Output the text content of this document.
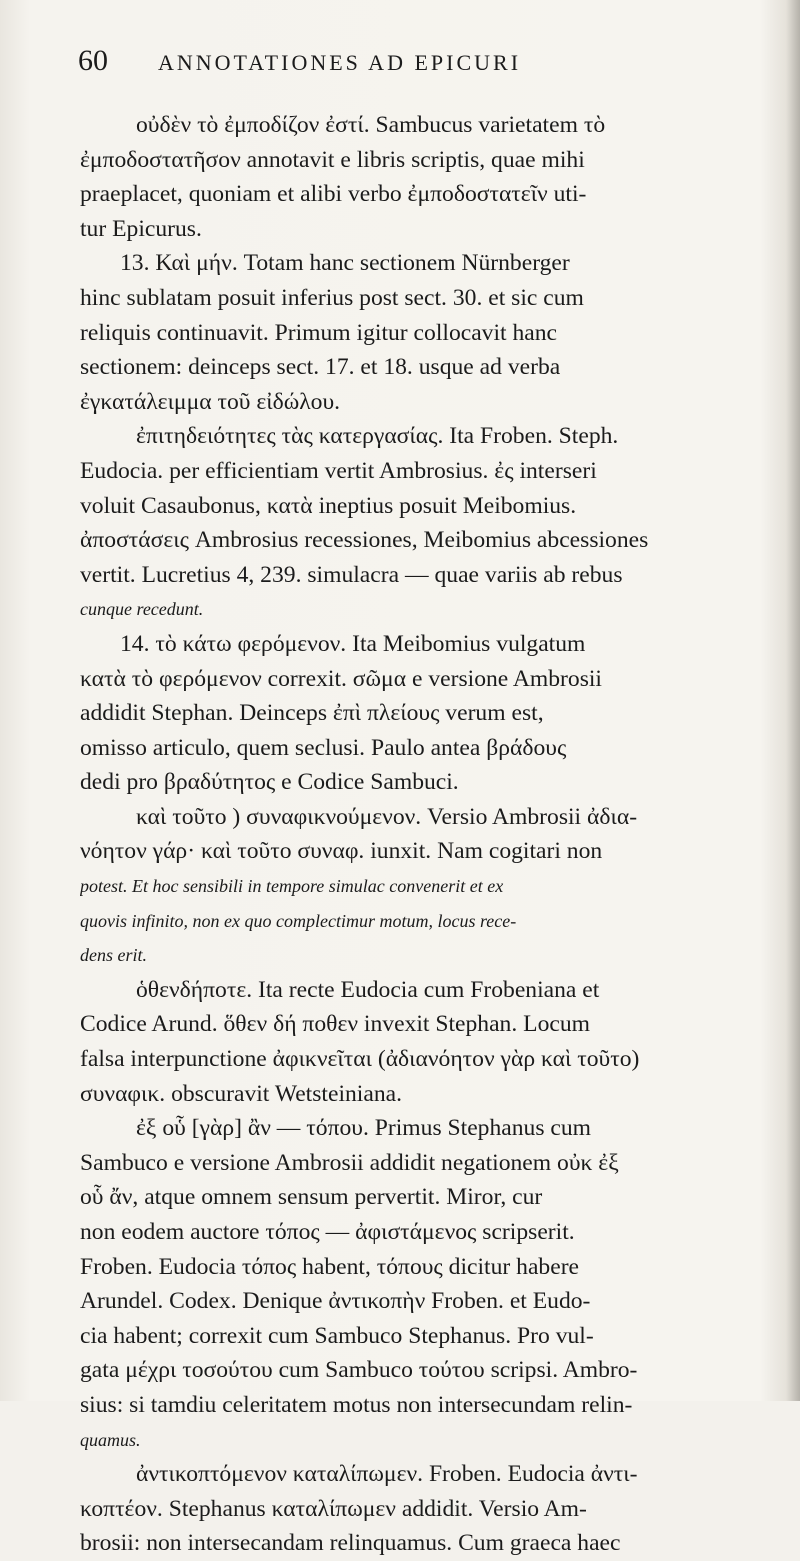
60 ANNOTATIONES AD EPICURI
οὐδὲν τὸ ἐμποδίζον ἐστί. Sambucus varietatem τὸ
ἐμποδοστατῆσον annotavit e libris scriptis, quae mihi
praeplacet, quoniam et alibi verbo ἐμποδοστατεῖν uti-
tur Epicurus.
13. Καὶ μήν. Totam hanc sectionem Nürnberger
hinc sublatam posuit inferius post sect. 30. et sic cum
reliquis continuavit. Primum igitur collocavit hanc
sectionem: deinceps sect. 17. et 18. usque ad verba
ἐγκατάλειμμα τοῦ εἰδώλου.
ἐπιτηδειότητες τὰς κατεργασίας. Ita Froben. Steph.
Eudocia. per efficientiam vertit Ambrosius. ἐς interseri
voluit Casaubonus, κατὰ ineptius posuit Meibomius.
ἀποστάσεις Ambrosius recessiones, Meibomius abcessiones
vertit. Lucretius 4, 239. simulacra — quae variis ab rebus
cunque recedunt.
14. τὸ κάτω φερόμενον. Ita Meibomius vulgatum
κατὰ τὸ φερόμενον correxit. σῶμα e versione Ambrosii
addidit Stephan. Deinceps ἐπὶ πλείους verum est,
omisso articulo, quem seclusi. Paulo antea βράδους
dedi pro βραδύτητος e Codice Sambuci.
καὶ τοῦτο ) συναφικνούμενον. Versio Ambrosii ἀδια-
νόητον γάρ· καὶ τοῦτο συναφ. iunxit. Nam cogitari non
potest. Et hoc sensibili in tempore simulac convenerit et ex
quovis infinito, non ex quo complectimur motum, locus rece-
dens erit.
ὁθενδήποτε. Ita recte Eudocia cum Frobeniana et
Codice Arund. ὅθεν δή ποθεν invexit Stephan. Locum
falsa interpunctione ἀφικνεῖται (ἀδιανόητον γὰρ καὶ τοῦτο)
συναφικ. obscuravit Wetsteiniana.
ἐξ οὗ [γὰρ] ἂν — τόπου. Primus Stephanus cum
Sambuco e versione Ambrosii addidit negationem οὐκ ἐξ
οὗ ἄν, atque omnem sensum pervertit. Miror, cur
non eodem auctore τόπος — ἀφιστάμενος scripserit.
Froben. Eudocia τόπος habent, τόπους dicitur habere
Arundel. Codex. Denique ἀντικοπὴν Froben. et Eudo-
cia habent; correxit cum Sambuco Stephanus. Pro vul-
gata μέχρι τοσούτου cum Sambuco τούτου scripsi. Ambro-
sius: si tamdiu celeritatem motus non intersecundam relin-
quamus.
ἀντικοπτόμενον καταλίπωμεν. Froben. Eudocia ἀντι-
κοπτέον. Stephanus καταλίπωμεν addidit. Versio Am-
brosii: non intersecandam relinquamus. Cum graeca haec
